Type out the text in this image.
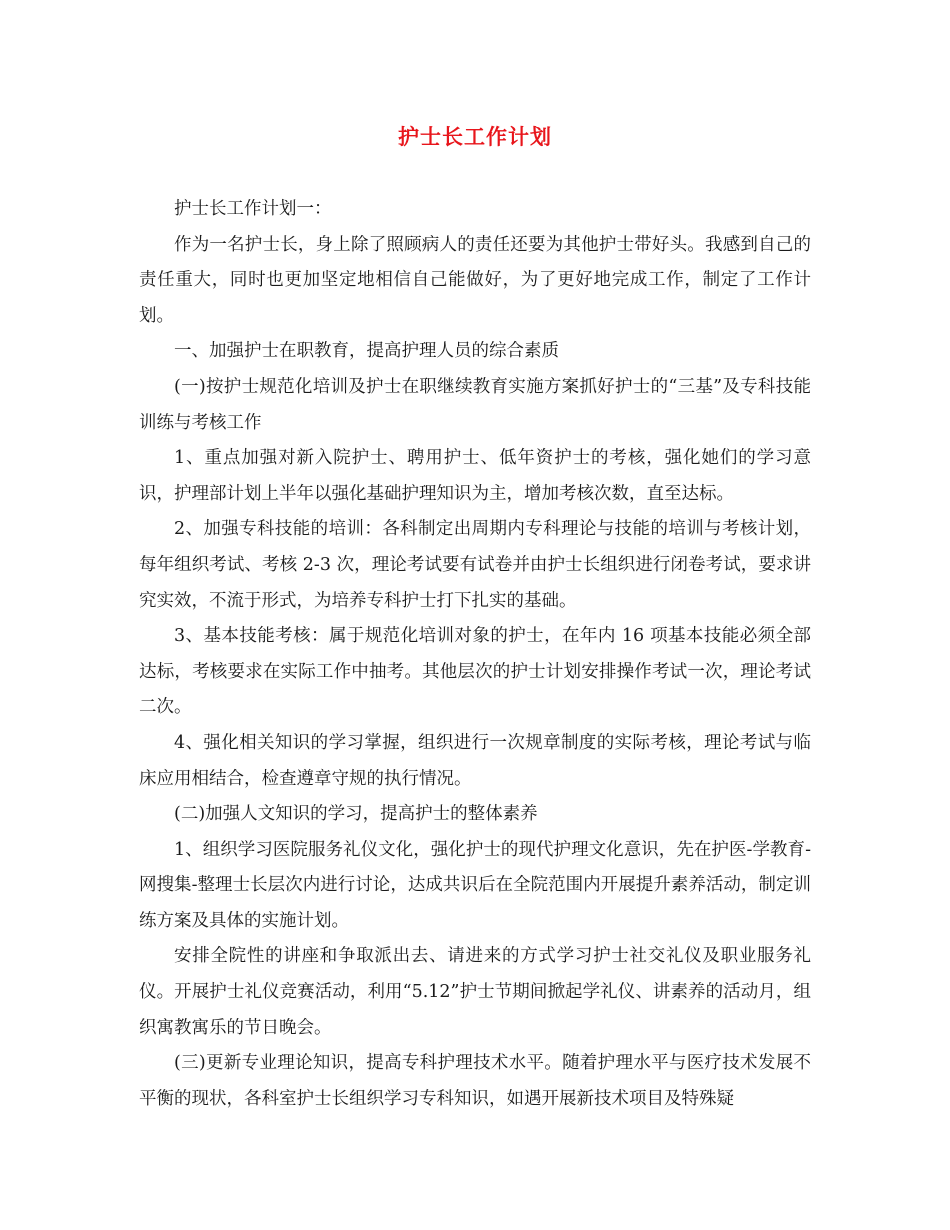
护士长工作计划

护士长工作计划一：

作为一名护士长，身上除了照顾病人的责任还要为其他护士带好头。我感到自己的责任重大，同时也更加坚定地相信自己能做好，为了更好地完成工作，制定了工作计划。

一、加强护士在职教育，提高护理人员的综合素质

(一)按护士规范化培训及护士在职继续教育实施方案抓好护士的“三基”及专科技能训练与考核工作

1、重点加强对新入院护士、聘用护士、低年资护士的考核，强化她们的学习意识，护理部计划上半年以强化基础护理知识为主，增加考核次数，直至达标。

2、加强专科技能的培训：各科制定出周期内专科理论与技能的培训与考核计划，每年组织考试、考核 2-3 次，理论考试要有试卷并由护士长组织进行闭卷考试，要求讲究实效，不流于形式，为培养专科护士打下扎实的基础。

3、基本技能考核：属于规范化培训对象的护士，在年内 16 项基本技能必须全部达标，考核要求在实际工作中抽考。其他层次的护士计划安排操作考试一次，理论考试二次。

4、强化相关知识的学习掌握，组织进行一次规章制度的实际考核，理论考试与临床应用相结合，检查遵章守规的执行情况。

(二)加强人文知识的学习，提高护士的整体素养

1、组织学习医院服务礼仪文化，强化护士的现代护理文化意识，先在护医-学教育-网搜集-整理士长层次内进行讨论，达成共识后在全院范围内开展提升素养活动，制定训练方案及具体的实施计划。

安排全院性的讲座和争取派出去、请进来的方式学习护士社交礼仪及职业服务礼仪。开展护士礼仪竞赛活动，利用“5.12”护士节期间掀起学礼仪、讲素养的活动月，组织寓教寓乐的节日晚会。

(三)更新专业理论知识，提高专科护理技术水平。随着护理水平与医疗技术发展不平衡的现状，各科室护士长组织学习专科知识，如遇开展新技术项目及特殊疑
